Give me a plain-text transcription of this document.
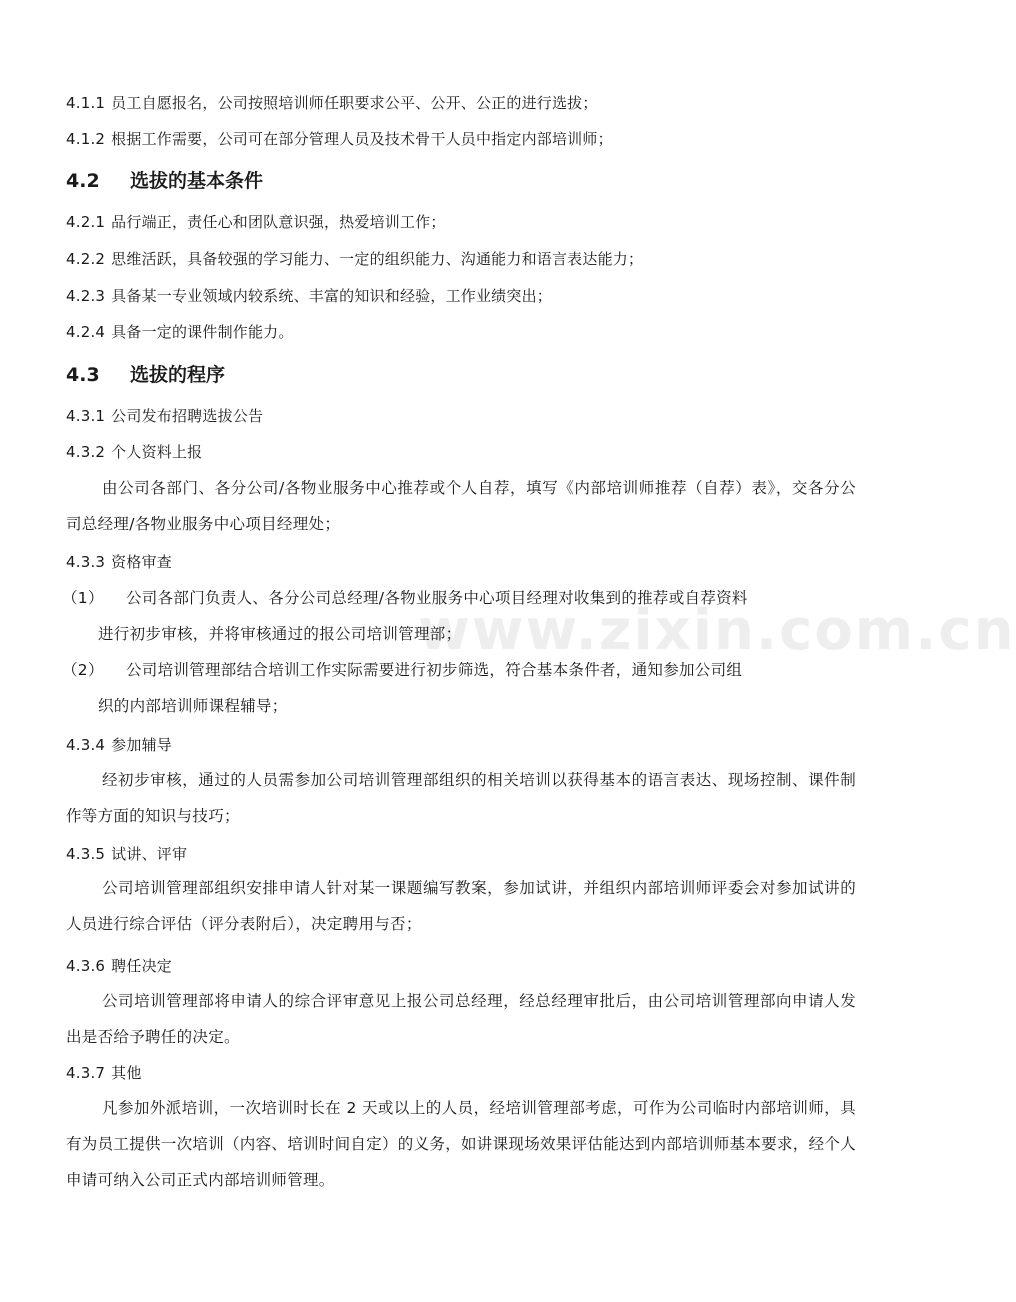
www.zixin.com.cn
4.1.1 员工自愿报名，公司按照培训师任职要求公平、公开、公正的进行选拔；
4.1.2 根据工作需要，公司可在部分管理人员及技术骨干人员中指定内部培训师；
4.2 选拔的基本条件
4.2.1 品行端正，责任心和团队意识强，热爱培训工作；
4.2.2 思维活跃，具备较强的学习能力、一定的组织能力、沟通能力和语言表达能力；
4.2.3 具备某一专业领域内较系统、丰富的知识和经验，工作业绩突出；
4.2.4 具备一定的课件制作能力。
4.3 选拔的程序
4.3.1 公司发布招聘选拔公告
4.3.2 个人资料上报
由公司各部门、各分公司/各物业服务中心推荐或个人自荐，填写《内部培训师推荐（自荐）表》，交各分公司总经理/各物业服务中心项目经理处；
4.3.3 资格审查
（1） 公司各部门负责人、各分公司总经理/各物业服务中心项目经理对收集到的推荐或自荐资料
进行初步审核，并将审核通过的报公司培训管理部；
（2） 公司培训管理部结合培训工作实际需要进行初步筛选，符合基本条件者，通知参加公司组
织的内部培训师课程辅导；
4.3.4 参加辅导
经初步审核，通过的人员需参加公司培训管理部组织的相关培训以获得基本的语言表达、现场控制、课件制作等方面的知识与技巧；
4.3.5 试讲、评审
公司培训管理部组织安排申请人针对某一课题编写教案，参加试讲，并组织内部培训师评委会对参加试讲的人员进行综合评估（评分表附后），决定聘用与否；
4.3.6 聘任决定
公司培训管理部将申请人的综合评审意见上报公司总经理，经总经理审批后，由公司培训管理部向申请人发出是否给予聘任的决定。
4.3.7 其他
凡参加外派培训，一次培训时长在 2 天或以上的人员，经培训管理部考虑，可作为公司临时内部培训师，具有为员工提供一次培训（内容、培训时间自定）的义务，如讲课现场效果评估能达到内部培训师基本要求，经个人申请可纳入公司正式内部培训师管理。
